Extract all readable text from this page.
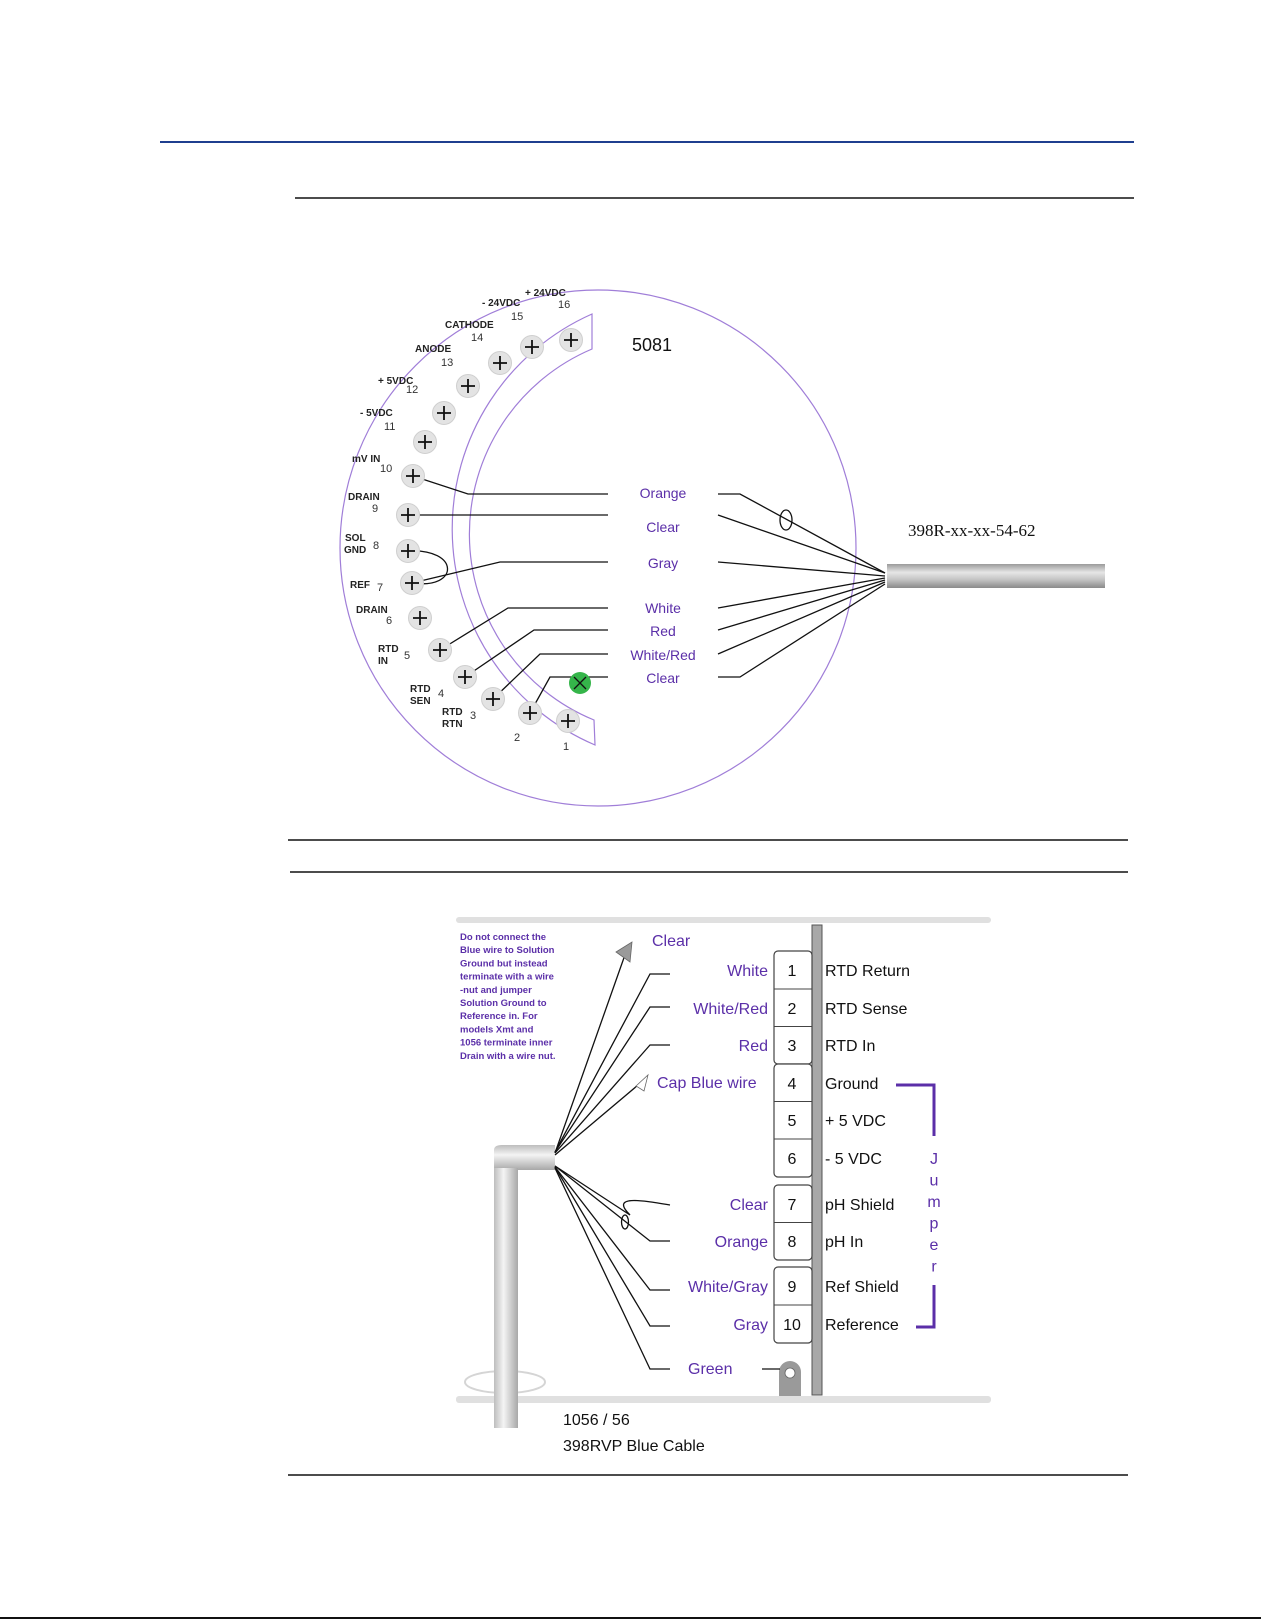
5081
398R-xx-xx-54-62
16
+ 24VDC
15
- 24VDC
14
CATHODE
13
ANODE
12
+ 5VDC
11
- 5VDC
10
mV IN
9
DRAIN
8
SOL
GND
7
REF
6
DRAIN
5
RTD
IN
4
RTD
SEN
3
RTD
RTN
2
1
Orange
Clear
Gray
White
Red
White/Red
Clear
1 RTD Return
White
2 RTD Sense
White/Red
3 RTD In
Red
4 Ground
5 + 5 VDC
6 - 5 VDC
7 pH Shield
Clear
8 pH In
Orange
9 Ref Shield
White/Gray
10 Reference
Gray
J
u
m
p
e
r
Do not connect the Blue wire to Solution Ground but instead terminate with a wire -nut and jumper Solution Ground to Reference in. For models Xmt and 1056 terminate inner Drain with a wire nut.
Clear
Cap Blue wire
Green
1056 / 56
398RVP Blue Cable
